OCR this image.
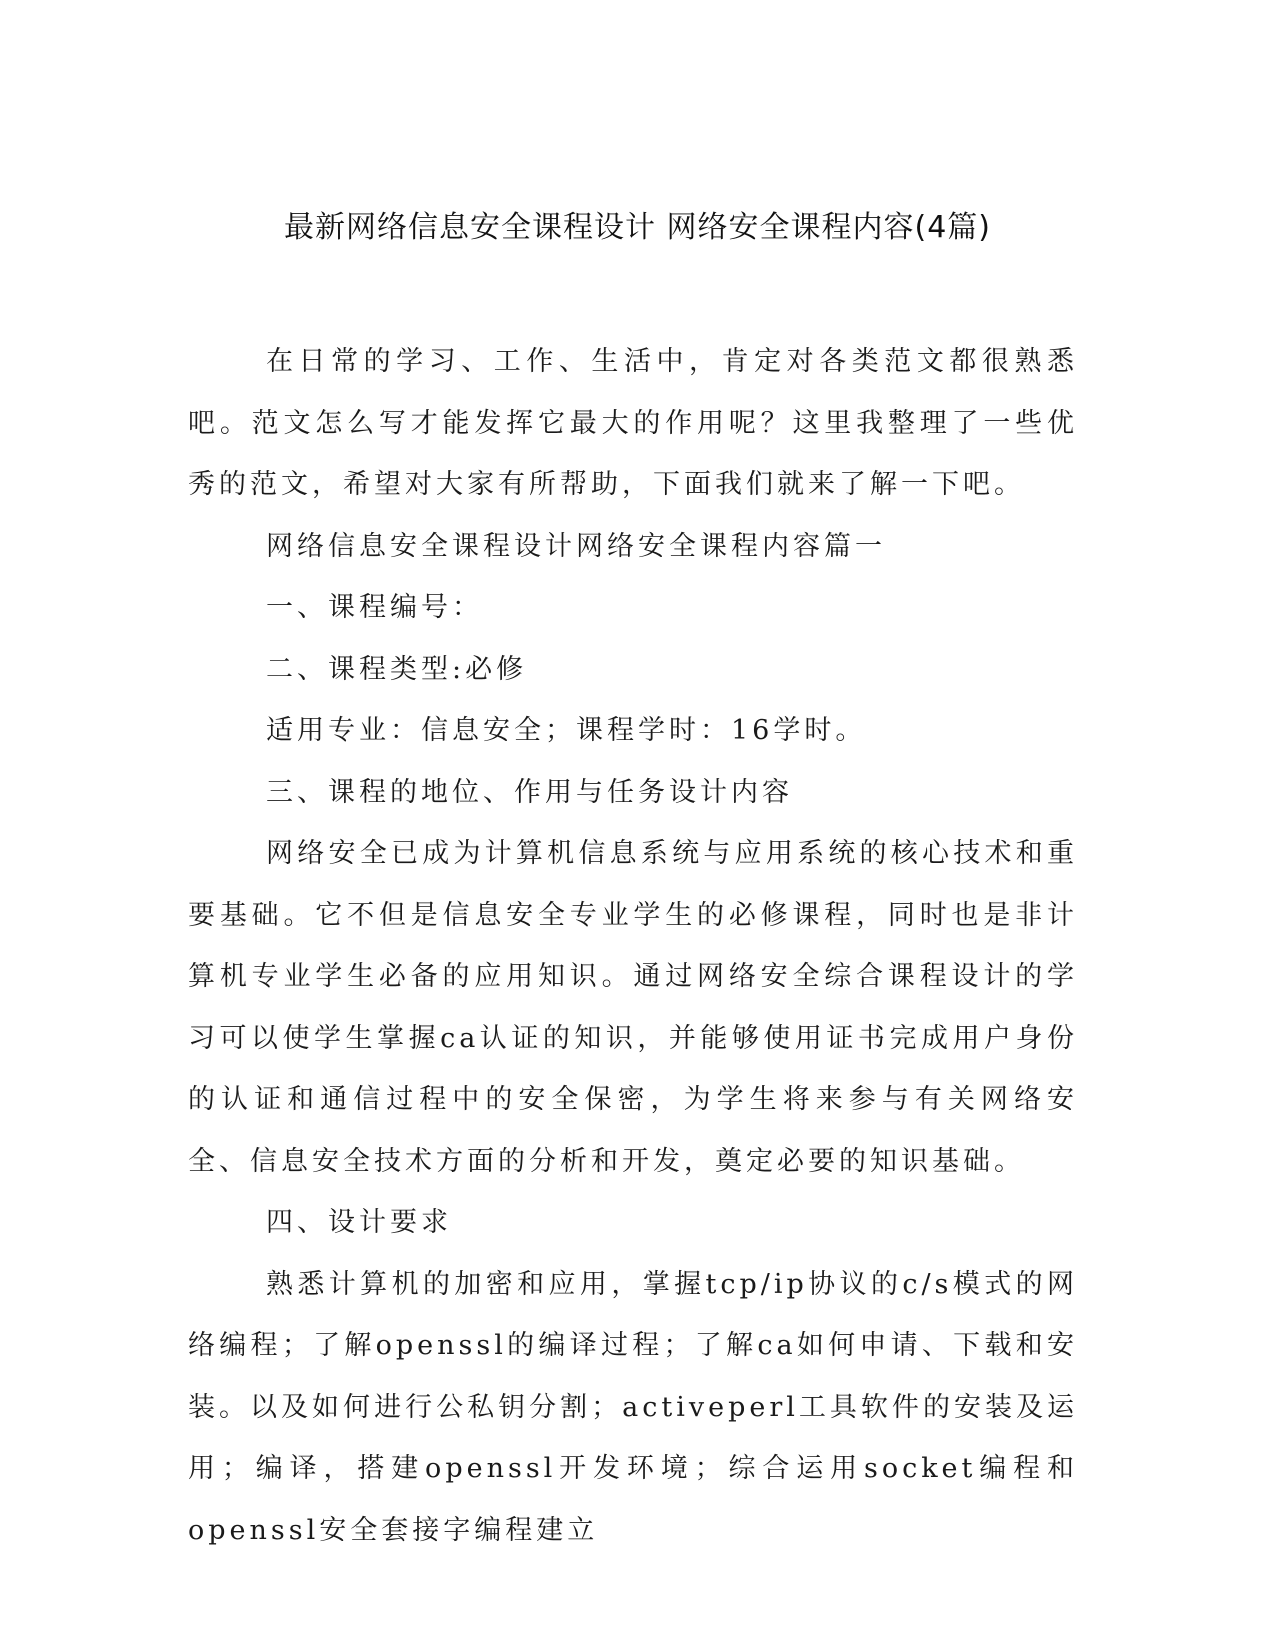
最新网络信息安全课程设计 网络安全课程内容(4篇)

在日常的学习、工作、生活中，肯定对各类范文都很熟悉吧。范文怎么写才能发挥它最大的作用呢？这里我整理了一些优秀的范文，希望对大家有所帮助，下面我们就来了解一下吧。

网络信息安全课程设计网络安全课程内容篇一

一、课程编号：

二、课程类型:必修

适用专业：信息安全；课程学时：16学时。

三、课程的地位、作用与任务设计内容

网络安全已成为计算机信息系统与应用系统的核心技术和重要基础。它不但是信息安全专业学生的必修课程，同时也是非计算机专业学生必备的应用知识。通过网络安全综合课程设计的学习可以使学生掌握ca认证的知识，并能够使用证书完成用户身份的认证和通信过程中的安全保密，为学生将来参与有关网络安全、信息安全技术方面的分析和开发，奠定必要的知识基础。

四、设计要求

熟悉计算机的加密和应用，掌握tcp/ip协议的c/s模式的网络编程；了解openssl的编译过程；了解ca如何申请、下载和安装。以及如何进行公私钥分割；activeperl工具软件的安装及运用；编译，搭建openssl开发环境；综合运用socket编程和openssl安全套接字编程建立
